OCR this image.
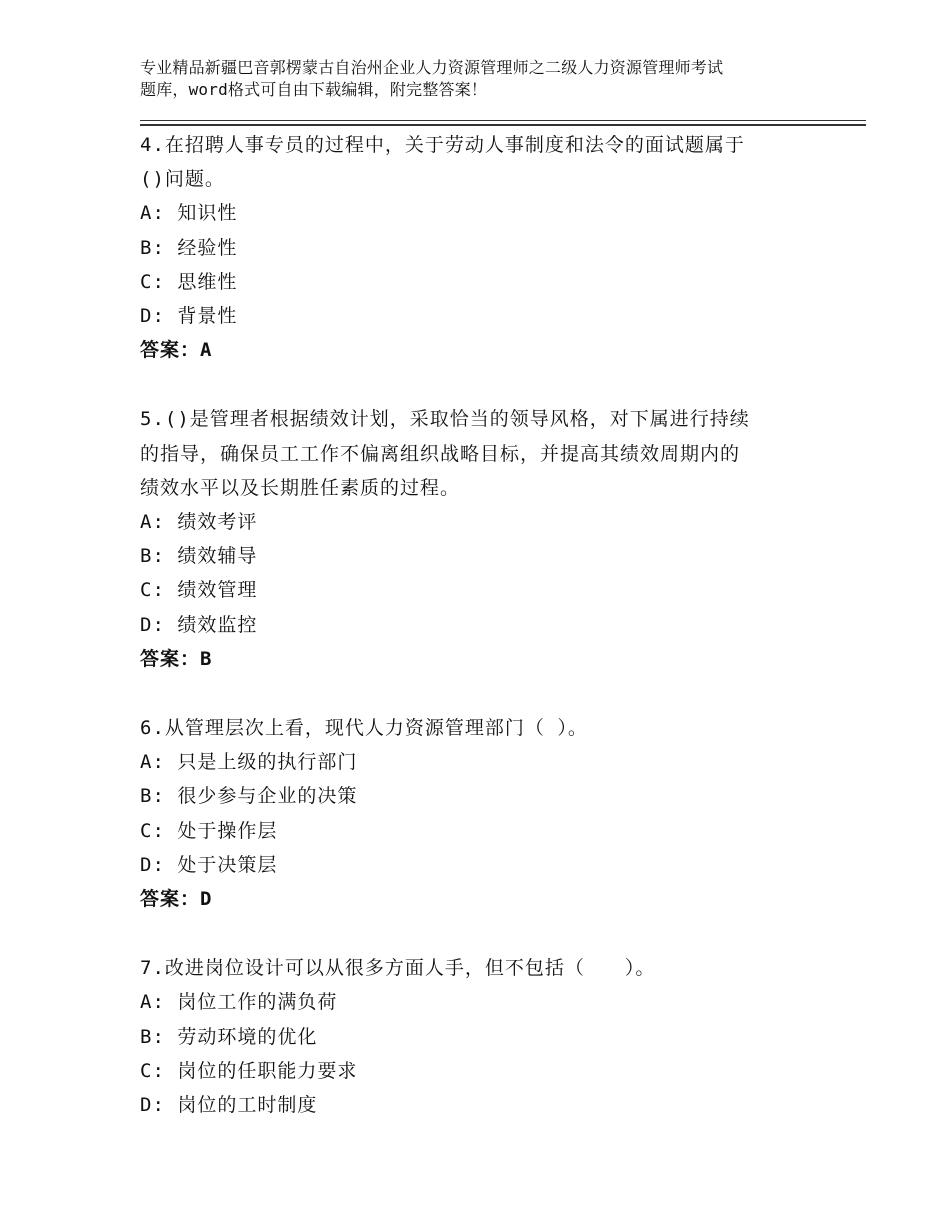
专业精品新疆巴音郭楞蒙古自治州企业人力资源管理师之二级人力资源管理师考试
题库，word格式可自由下载编辑，附完整答案！
4.在招聘人事专员的过程中，关于劳动人事制度和法令的面试题属于
()问题。
A: 知识性
B: 经验性
C: 思维性
D: 背景性
答案：A
5.()是管理者根据绩效计划，采取恰当的领导风格，对下属进行持续
的指导，确保员工工作不偏离组织战略目标，并提高其绩效周期内的
绩效水平以及长期胜任素质的过程。
A: 绩效考评
B: 绩效辅导
C: 绩效管理
D: 绩效监控
答案：B
6.从管理层次上看，现代人力资源管理部门（ ）。
A: 只是上级的执行部门
B: 很少参与企业的决策
C: 处于操作层
D: 处于决策层
答案：D
7.改进岗位设计可以从很多方面人手，但不包括（　　）。
A: 岗位工作的满负荷
B: 劳动环境的优化
C: 岗位的任职能力要求
D: 岗位的工时制度
